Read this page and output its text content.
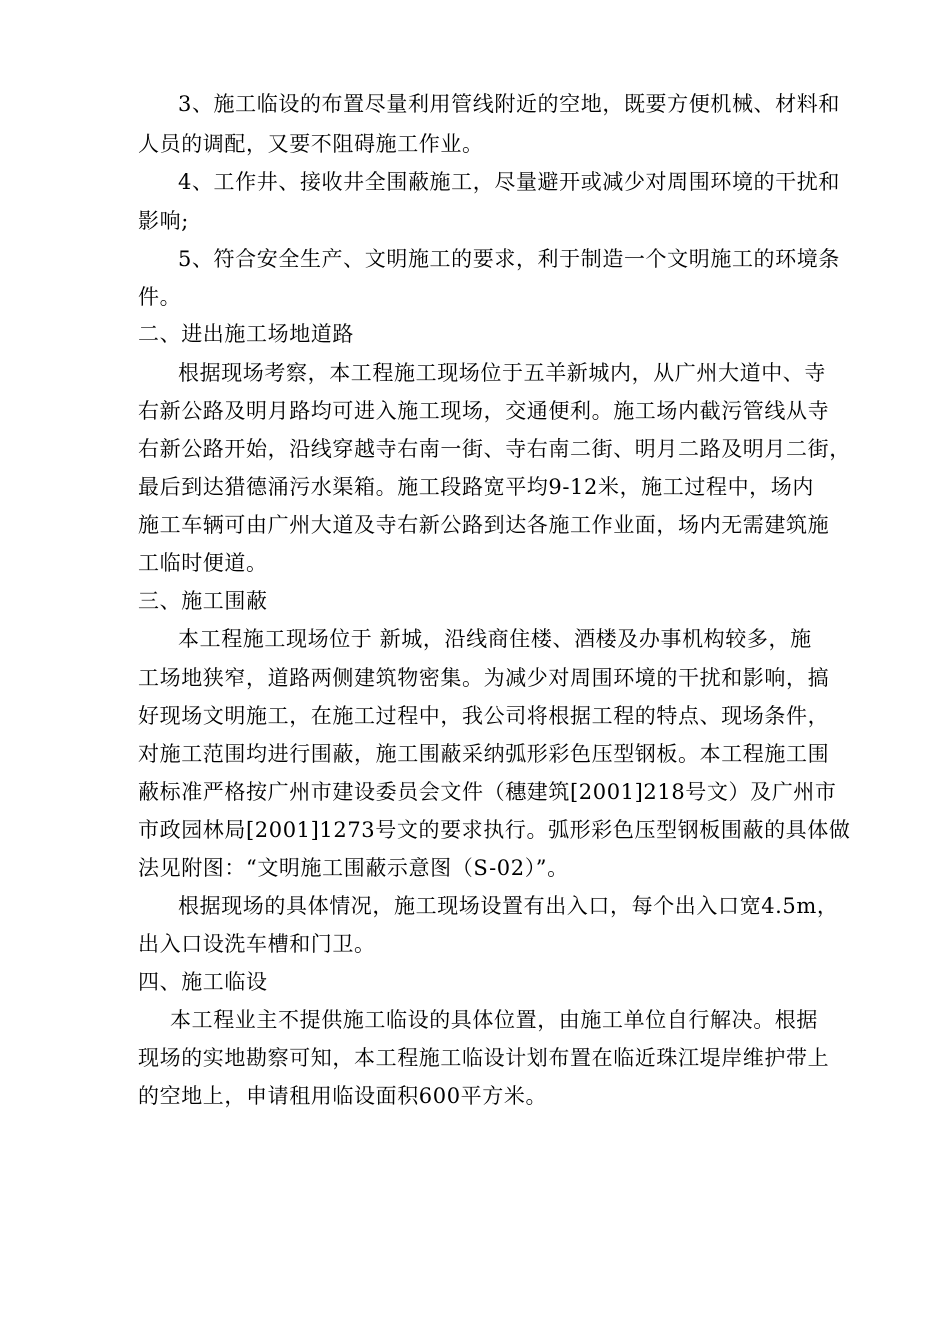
3、施工临设的布置尽量利用管线附近的空地，既要方便机械、材料和
人员的调配，又要不阻碍施工作业。
4、工作井、接收井全围蔽施工，尽量避开或减少对周围环境的干扰和
影响;
5、符合安全生产、文明施工的要求，利于制造一个文明施工的环境条
件。
二、进出施工场地道路
根据现场考察，本工程施工现场位于五羊新城内，从广州大道中、寺
右新公路及明月路均可进入施工现场，交通便利。施工场内截污管线从寺
右新公路开始，沿线穿越寺右南一街、寺右南二街、明月二路及明月二街，
最后到达猎德涌污水渠箱。施工段路宽平均9-12米，施工过程中，场内
施工车辆可由广州大道及寺右新公路到达各施工作业面，场内无需建筑施
工临时便道。
三、施工围蔽
本工程施工现场位于 新城，沿线商住楼、酒楼及办事机构较多，施
工场地狭窄，道路两侧建筑物密集。为减少对周围环境的干扰和影响，搞
好现场文明施工，在施工过程中，我公司将根据工程的特点、现场条件，
对施工范围均进行围蔽，施工围蔽采纳弧形彩色压型钢板。本工程施工围
蔽标准严格按广州市建设委员会文件（穗建筑[2001]218号文）及广州市
市政园林局[2001]1273号文的要求执行。弧形彩色压型钢板围蔽的具体做
法见附图：“文明施工围蔽示意图（S-02）”。
根据现场的具体情况，施工现场设置有出入口，每个出入口宽4.5m，
出入口设洗车槽和门卫。
四、施工临设
本工程业主不提供施工临设的具体位置，由施工单位自行解决。根据
现场的实地勘察可知，本工程施工临设计划布置在临近珠江堤岸维护带上
的空地上，申请租用临设面积600平方米。
